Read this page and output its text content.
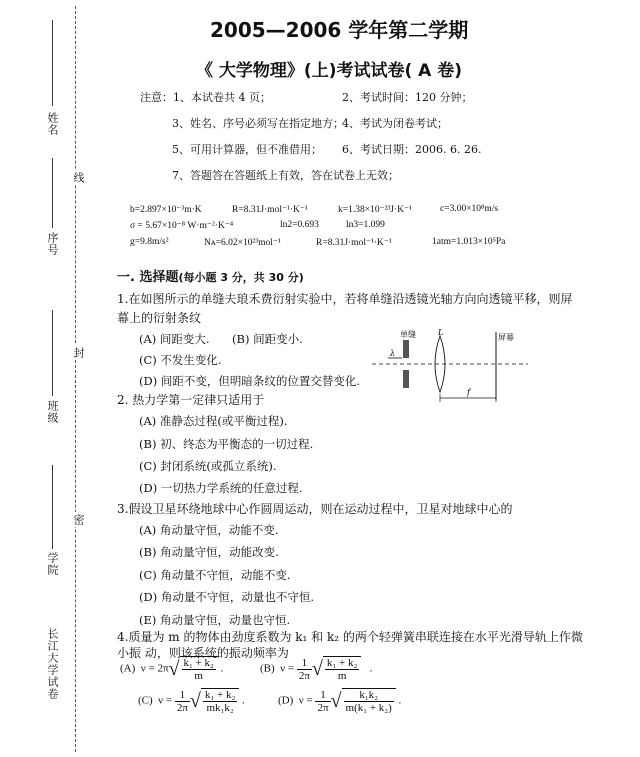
线
封
密
姓名
序号
班级
学院
长江大学试卷
2005—2006 学年第二学期
《 大学物理》(上)考试试卷( A 卷)
注意：1、本试卷共 4 页；	2、考试时间：120 分钟；
3、姓名、序号必须写在指定地方；
4、考试为闭卷考试；
5、可用计算器，但不准借用； 6、考试日期：2006. 6. 26.
7、答题答在答题纸上有效，答在试卷上无效；
b=2.897×10⁻³m·K	R=8.31J·mol⁻¹·K⁻¹	k=1.38×10⁻²³J·K⁻¹	c=3.00×10⁸m/s
σ = 5.67×10⁻⁸ W·m⁻²·K⁻⁴	ln2=0.693	ln3=1.099
g=9.8m/s²	Nᴀ=6.02×10²³mol⁻¹	R=8.31J·mol⁻¹·K⁻¹	1atm=1.013×10⁵Pa
一. 选择题(每小题 3 分，共 30 分)
1.在如图所示的单缝夫琅禾费衍射实验中，若将单缝沿透镜光轴方向向透镜平移，则屏
幕上的衍射条纹
(A) 间距变大. (B) 间距变小.
(C) 不发生变化.
(D) 间距不变，但明暗条纹的位置交替变化.
单缝	L
屏幕
λ
f
2. 热力学第一定律只适用于
(A) 准静态过程(或平衡过程).
(B) 初、终态为平衡态的一切过程.
(C) 封闭系统(或孤立系统).
(D) 一切热力学系统的任意过程.
3.假设卫星环绕地球中心作圆周运动，则在运动过程中，卫星对地球中心的
(A) 角动量守恒，动能不变.
(B) 角动量守恒，动能改变.
(C) 角动量不守恒，动能不变.
(D) 角动量不守恒，动量也不守恒.
(E) 角动量守恒，动量也守恒.
4.质量为 m 的物体由劲度系数为 k₁ 和 k₂ 的两个轻弹簧串联连接在水平光滑导轨上作微
小振 动，则该系统的振动频率为
(A) $\nu = 2\pi√ \frac{\text{k₁ + k₂}}{m}$ .	(B) $\nu = \frac{1}{2\pi}$ √ $\frac{\text{k₁ + k₂}}{m}$ .
(C) $\nu = \frac{1}{2\pi}$ √ $\frac{\text{k₁ + k₂}}{\text{mk₁k₂}}$ .	(D) $\nu = \frac{1}{2\pi}$ √ $\frac{\text{k₁k₂}}{\text{m(k₁ + k₂)}}$ .
